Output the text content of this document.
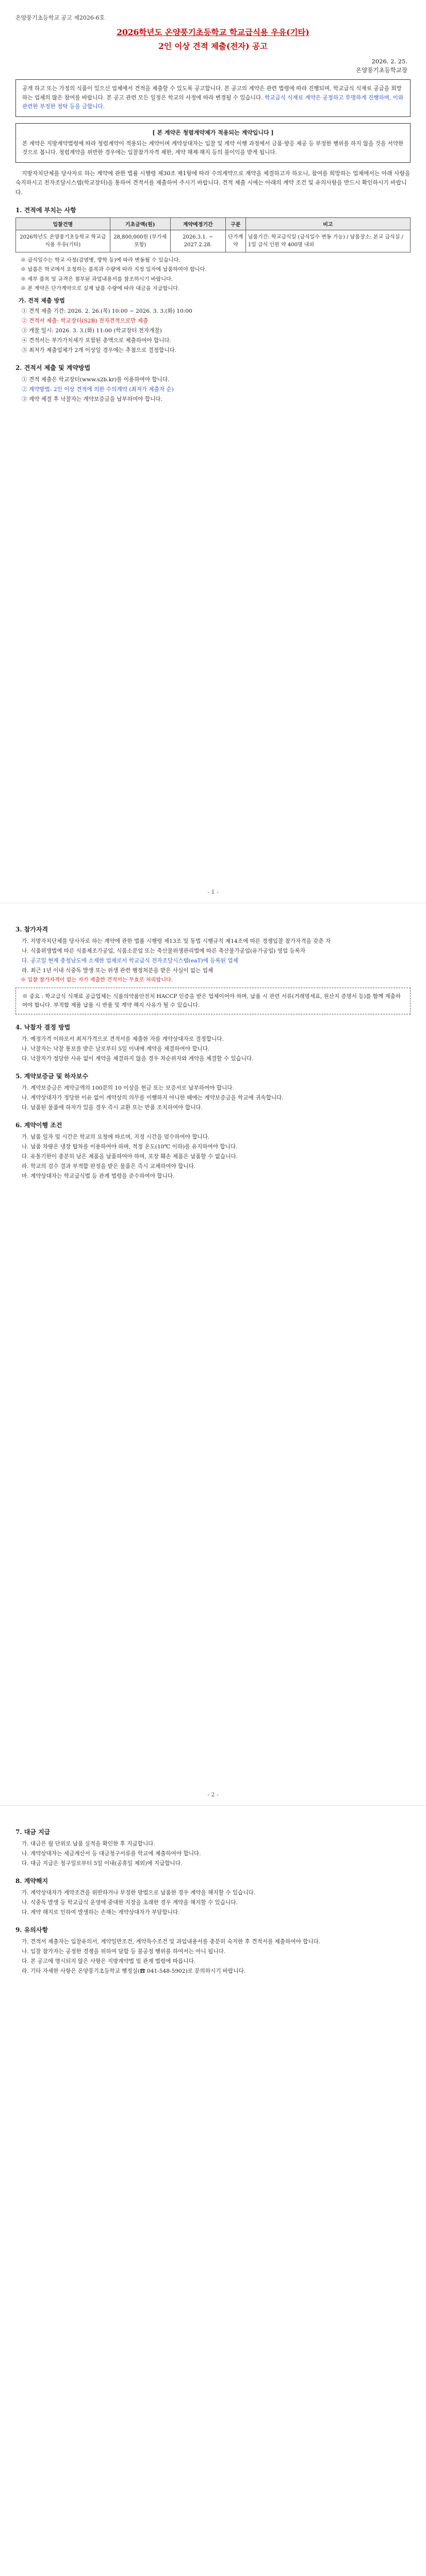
온양풍기초등학교 공고 제2026-6호
2026학년도 온양풍기초등학교 학교급식용 우유(기타)
2인 이상 견적 제출(전자) 공고
2026. 2. 25.
온양풍기초등학교장
공개 하고 또는 가정의 식품이 있으신 업체에서 견적을 제출할 수 있도록 공고합니다. 본 공고의 계약은 관련 법령에 따라 진행되며, 학교급식 식재료 공급을 희망하는 업체의 많은 참여를 바랍니다. 본 공고 관련 모든 일정은 학교의 사정에 따라 변경될 수 있습니다. 학교급식 식재료 계약은 공정하고 투명하게 진행하며, 이와 관련한 부정한 청탁 등을 금합니다.
[ 본 계약은 청렴계약제가 적용되는 계약입니다 ]
본 계약은 지방계약법령에 따라 청렴계약이 적용되는 계약이며 계약상대자는 입찰 및 계약 이행 과정에서 금품·향응 제공 등 부정한 행위를 하지 않을 것을 서약한 것으로 봅니다. 청렴계약을 위반한 경우에는 입찰참가자격 제한, 계약 해제·해지 등의 불이익을 받게 됩니다.
지방자치단체를 당사자로 하는 계약에 관한 법률 시행령 제30조 제1항에 따라 수의계약으로 계약을 체결하고자 하오니, 참여를 희망하는 업체에서는 아래 사항을 숙지하시고 전자조달시스템(학교장터)을 통하여 견적서를 제출하여 주시기 바랍니다. 견적 제출 시에는 아래의 계약 조건 및 유의사항을 반드시 확인하시기 바랍니다.
1. 견적에 부치는 사항
입찰건명	기초금액(원)	계약예정기간	구분	비고
2026학년도 온양풍기초등학교 학교급식용 우유(기타)	28,800,000원 (부가세 포함)	2026.3.1. ~ 2027.2.28.	단가계약	납품기간: 학교급식일 (급식일수 변동 가능) / 납품장소: 본교 급식실 / 1일 급식 인원 약 400명 내외
※ 급식일수는 학교 사정(감염병, 방학 등)에 따라 변동될 수 있습니다.
※ 납품은 학교에서 요청하는 품목과 수량에 따라 지정 일자에 납품하여야 합니다.
※ 세부 품목 및 규격은 첨부된 과업내용서를 참조하시기 바랍니다.
※ 본 계약은 단가계약으로 실제 납품 수량에 따라 대금을 지급합니다.
가. 견적 제출 방법
① 견적 제출 기간: 2026. 2. 26.(목) 10:00 ~ 2026. 3. 3.(화) 10:00
② 견적서 제출: 학교장터(S2B) 전자견적으로만 제출
③ 개찰 일시: 2026. 3. 3.(화) 11:00 (학교장터 전자개찰)
④ 견적서는 부가가치세가 포함된 총액으로 제출하여야 합니다.
⑤ 최저가 제출업체가 2개 이상일 경우에는 추첨으로 결정합니다.
2. 견적서 제출 및 계약방법
① 견적 제출은 학교장터(www.s2b.kr)를 이용하여야 합니다.
② 계약방법: 2인 이상 견적에 의한 수의계약 (최저가 제출자 순)
③ 계약 체결 후 낙찰자는 계약보증금을 납부하여야 합니다.
- 1 -
3. 참가자격
가. 지방자치단체를 당사자로 하는 계약에 관한 법률 시행령 제13조 및 동법 시행규칙 제14조에 따른 경쟁입찰 참가자격을 갖춘 자
나. 식품위생법에 따른 식품제조가공업, 식품소분업 또는 축산물위생관리법에 따른 축산물가공업(유가공업) 영업 등록자
다. 공고일 현재 충청남도에 소재한 업체로서 학교급식 전자조달시스템(eaT)에 등록된 업체
라. 최근 1년 이내 식중독 발생 또는 위생 관련 행정처분을 받은 사실이 없는 업체
※ 입찰 참가자격이 없는 자가 제출한 견적서는 무효로 처리합니다.
※ 중요 : 학교급식 식재료 공급업체는 식품의약품안전처 HACCP 인증을 받은 업체이어야 하며, 납품 시 관련 서류(거래명세표, 원산지 증명서 등)를 함께 제출하여야 합니다. 부적합 제품 납품 시 반품 및 계약 해지 사유가 될 수 있습니다.
4. 낙찰자 결정 방법
가. 예정가격 이하로서 최저가격으로 견적서를 제출한 자를 계약상대자로 결정합니다.
나. 낙찰자는 낙찰 통보를 받은 날로부터 5일 이내에 계약을 체결하여야 합니다.
다. 낙찰자가 정당한 사유 없이 계약을 체결하지 않을 경우 차순위자와 계약을 체결할 수 있습니다.
5. 계약보증금 및 하자보수
가. 계약보증금은 계약금액의 100분의 10 이상을 현금 또는 보증서로 납부하여야 합니다.
나. 계약상대자가 정당한 이유 없이 계약상의 의무를 이행하지 아니한 때에는 계약보증금을 학교에 귀속합니다.
다. 납품된 물품에 하자가 있을 경우 즉시 교환 또는 반품 조치하여야 합니다.
6. 계약이행 조건
가. 납품 일자 및 시간은 학교의 요청에 따르며, 지정 시간을 엄수하여야 합니다.
나. 납품 차량은 냉장 탑차를 이용하여야 하며, 적정 온도(10℃ 이하)를 유지하여야 합니다.
다. 유통기한이 충분히 남은 제품을 납품하여야 하며, 포장 훼손 제품은 납품할 수 없습니다.
라. 학교의 검수 결과 부적합 판정을 받은 물품은 즉시 교체하여야 합니다.
마. 계약상대자는 학교급식법 등 관계 법령을 준수하여야 합니다.
- 2 -
7. 대금 지급
가. 대금은 월 단위로 납품 실적을 확인한 후 지급합니다.
나. 계약상대자는 세금계산서 등 대금청구서류를 학교에 제출하여야 합니다.
다. 대금 지급은 청구일로부터 5일 이내(공휴일 제외)에 지급합니다.
8. 계약해지
가. 계약상대자가 계약조건을 위반하거나 부정한 방법으로 납품한 경우 계약을 해지할 수 있습니다.
나. 식중독 발생 등 학교급식 운영에 중대한 지장을 초래한 경우 계약을 해지할 수 있습니다.
다. 계약 해지로 인하여 발생하는 손해는 계약상대자가 부담합니다.
9. 유의사항
가. 견적서 제출자는 입찰유의서, 계약일반조건, 계약특수조건 및 과업내용서를 충분히 숙지한 후 견적서를 제출하여야 합니다.
나. 입찰 참가자는 공정한 경쟁을 위하여 담합 등 불공정 행위를 하여서는 아니 됩니다.
다. 본 공고에 명시되지 않은 사항은 지방계약법 및 관계 법령에 따릅니다.
라. 기타 자세한 사항은 온양풍기초등학교 행정실(☎ 041-548-5902)로 문의하시기 바랍니다.
